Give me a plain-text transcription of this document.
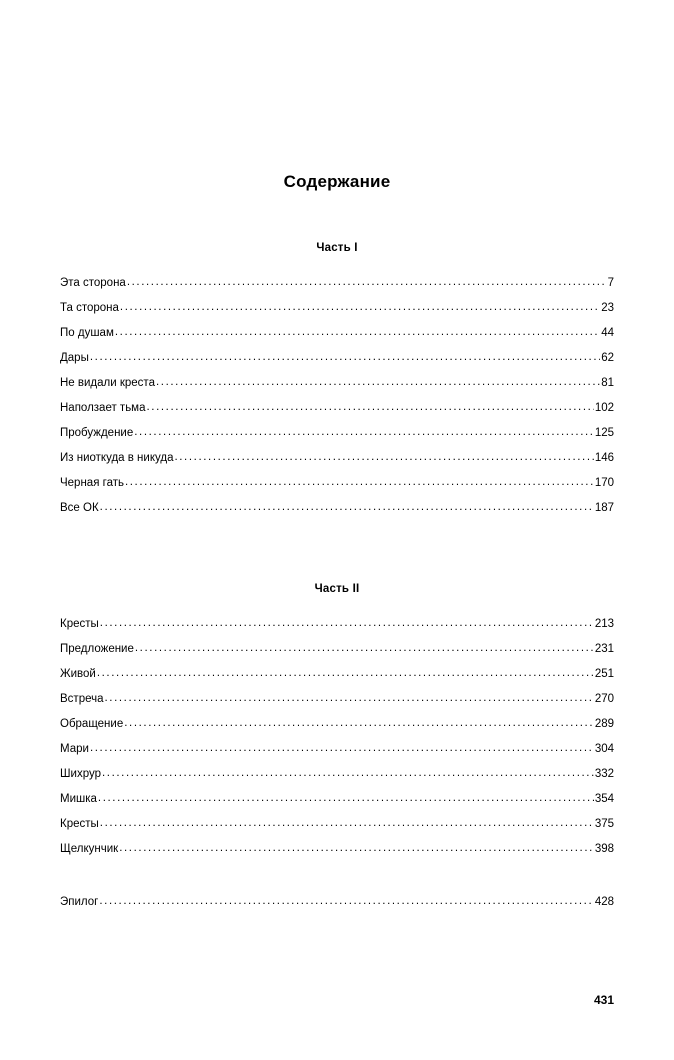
Содержание
Часть I
Эта сторона .....	7
Та сторона .....	23
По душам .....	44
Дары .....	62
Не видали креста .....	81
Наползает тьма .....	102
Пробуждение .....	125
Из ниоткуда в никуда .....	146
Черная гать .....	170
Все ОК .....	187
Часть II
Кресты .....	213
Предложение .....	231
Живой .....	251
Встреча .....	270
Обращение .....	289
Мари .....	304
Шихрур .....	332
Мишка .....	354
Кресты .....	375
Щелкунчик .....	398
Эпилог .....	428
431
